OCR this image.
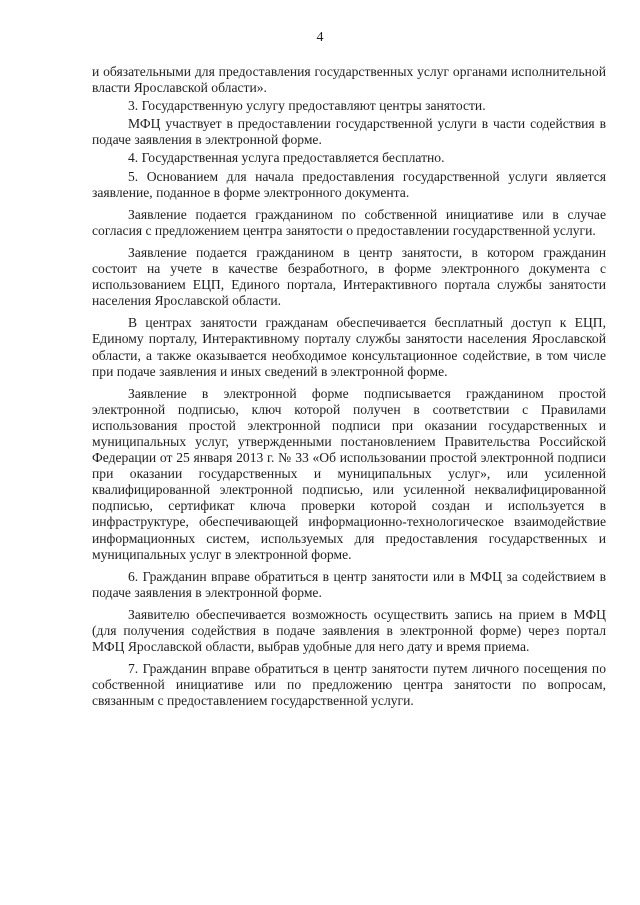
4

и обязательными для предоставления государственных услуг органами исполнительной власти Ярославской области».

3. Государственную услугу предоставляют центры занятости.

МФЦ участвует в предоставлении государственной услуги в части содействия в подаче заявления в электронной форме.

4. Государственная услуга предоставляется бесплатно.

5. Основанием для начала предоставления государственной услуги является заявление, поданное в форме электронного документа.

Заявление подается гражданином по собственной инициативе или в случае согласия с предложением центра занятости о предоставлении государственной услуги.

Заявление подается гражданином в центр занятости, в котором гражданин состоит на учете в качестве безработного, в форме электронного документа с использованием ЕЦП, Единого портала, Интерактивного портала службы занятости населения Ярославской области.

В центрах занятости гражданам обеспечивается бесплатный доступ к ЕЦП, Единому порталу, Интерактивному порталу службы занятости населения Ярославской области, а также оказывается необходимое консультационное содействие, в том числе при подаче заявления и иных сведений в электронной форме.

Заявление в электронной форме подписывается гражданином простой электронной подписью, ключ которой получен в соответствии с Правилами использования простой электронной подписи при оказании государственных и муниципальных услуг, утвержденными постановлением Правительства Российской Федерации от 25 января 2013 г. № 33 «Об использовании простой электронной подписи при оказании государственных и муниципальных услуг», или усиленной квалифицированной электронной подписью, или усиленной неквалифицированной подписью, сертификат ключа проверки которой создан и используется в инфраструктуре, обеспечивающей информационно-технологическое взаимодействие информационных систем, используемых для предоставления государственных и муниципальных услуг в электронной форме.

6. Гражданин вправе обратиться в центр занятости или в МФЦ за содействием в подаче заявления в электронной форме.

Заявителю обеспечивается возможность осуществить запись на прием в МФЦ (для получения содействия в подаче заявления в электронной форме) через портал МФЦ Ярославской области, выбрав удобные для него дату и время приема.

7. Гражданин вправе обратиться в центр занятости путем личного посещения по собственной инициативе или по предложению центра занятости по вопросам, связанным с предоставлением государственной услуги.
